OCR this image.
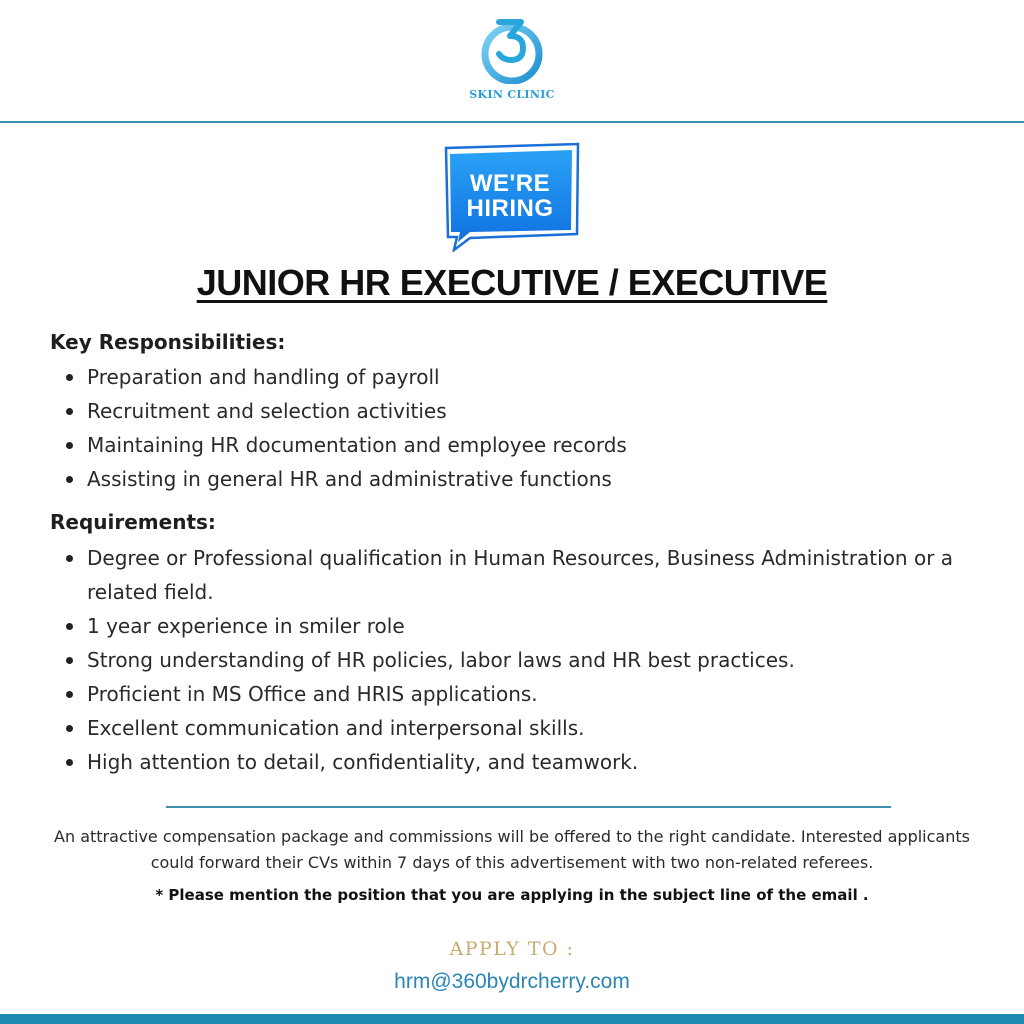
SKIN CLINIC
WE'RE
HIRING
JUNIOR HR EXECUTIVE / EXECUTIVE
Key Responsibilities:
Preparation and handling of payroll
Recruitment and selection activities
Maintaining HR documentation and employee records
Assisting in general HR and administrative functions
Requirements:
Degree or Professional qualification in Human Resources, Business Administration or a related field.
1 year experience in smiler role
Strong understanding of HR policies, labor laws and HR best practices.
Proficient in MS Office and HRIS applications.
Excellent communication and interpersonal skills.
High attention to detail, confidentiality, and teamwork.
An attractive compensation package and commissions will be offered to the right candidate. Interested applicants could forward their CVs within 7 days of this advertisement with two non-related referees.
* Please mention the position that you are applying in the subject line of the email .
APPLY TO :
hrm@360bydrcherry.com
